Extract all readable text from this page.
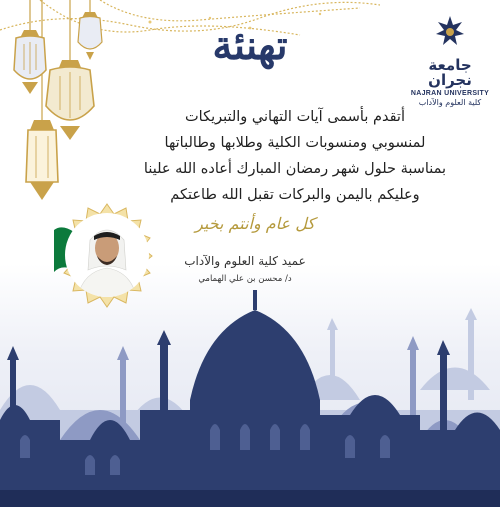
جامعة نجران
NAJRAN UNIVERSITY
كلية العلوم والآداب
تهنئة
أتقدم بأسمى آيات التهاني والتبريكات
لمنسوبي ومنسوبات الكلية وطلابها وطالباتها
بمناسبة حلول شهر رمضان المبارك أعاده الله علينا
وعليكم باليمن والبركات تقبل الله طاعتكم
كل عام وأنتم بخير
عميد كلية العلوم والآداب
د/ محسن بن علي الهمامي
